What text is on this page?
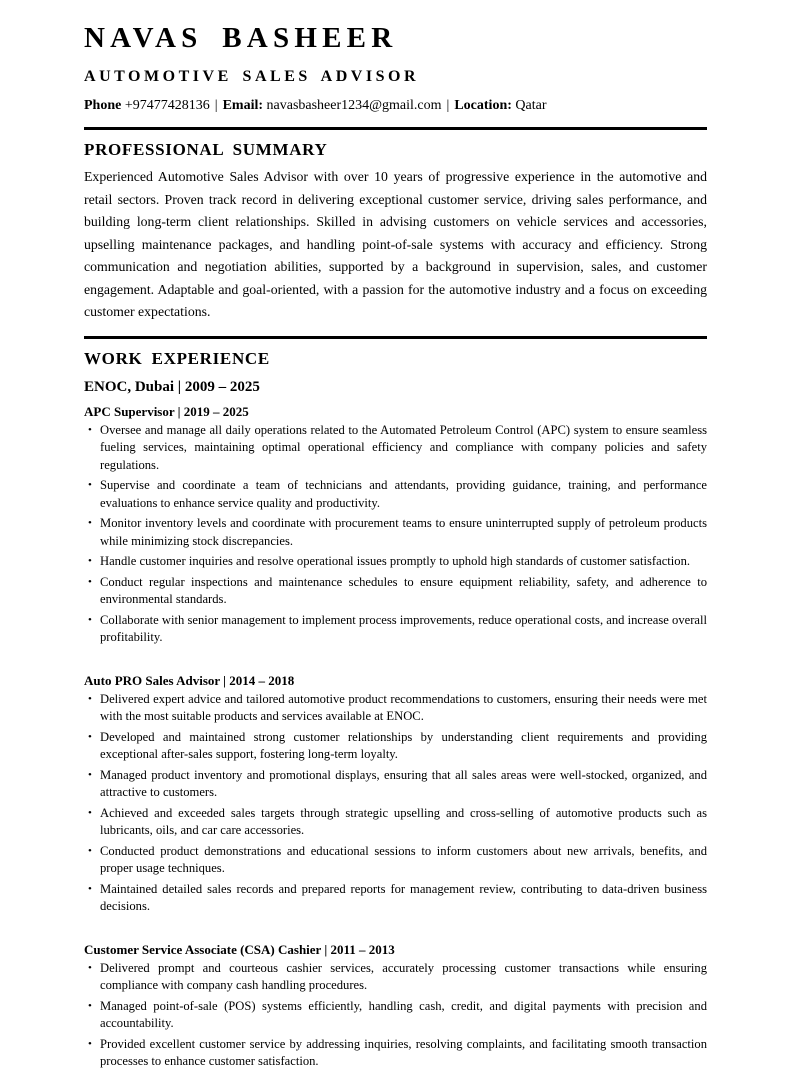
NAVAS BASHEER
AUTOMOTIVE SALES ADVISOR

Phone +97477428136 | Email: navasbasheer1234@gmail.com | Location: Qatar

PROFESSIONAL SUMMARY

Experienced Automotive Sales Advisor with over 10 years of progressive experience in the automotive and retail sectors. Proven track record in delivering exceptional customer service, driving sales performance, and building long-term client relationships. Skilled in advising customers on vehicle services and accessories, upselling maintenance packages, and handling point-of-sale systems with accuracy and efficiency. Strong communication and negotiation abilities, supported by a background in supervision, sales, and customer engagement. Adaptable and goal-oriented, with a passion for the automotive industry and a focus on exceeding customer expectations.

WORK EXPERIENCE

ENOC, Dubai | 2009 – 2025

APC Supervisor | 2019 – 2025

• Oversee and manage all daily operations related to the Automated Petroleum Control (APC) system to ensure seamless fueling services, maintaining optimal operational efficiency and compliance with company policies and safety regulations.
• Supervise and coordinate a team of technicians and attendants, providing guidance, training, and performance evaluations to enhance service quality and productivity.
• Monitor inventory levels and coordinate with procurement teams to ensure uninterrupted supply of petroleum products while minimizing stock discrepancies.
• Handle customer inquiries and resolve operational issues promptly to uphold high standards of customer satisfaction.
• Conduct regular inspections and maintenance schedules to ensure equipment reliability, safety, and adherence to environmental standards.
• Collaborate with senior management to implement process improvements, reduce operational costs, and increase overall profitability.

Auto PRO Sales Advisor | 2014 – 2018

• Delivered expert advice and tailored automotive product recommendations to customers, ensuring their needs were met with the most suitable products and services available at ENOC.
• Developed and maintained strong customer relationships by understanding client requirements and providing exceptional after-sales support, fostering long-term loyalty.
• Managed product inventory and promotional displays, ensuring that all sales areas were well-stocked, organized, and attractive to customers.
• Achieved and exceeded sales targets through strategic upselling and cross-selling of automotive products such as lubricants, oils, and car care accessories.
• Conducted product demonstrations and educational sessions to inform customers about new arrivals, benefits, and proper usage techniques.
• Maintained detailed sales records and prepared reports for management review, contributing to data-driven business decisions.

Customer Service Associate (CSA) Cashier | 2011 – 2013

• Delivered prompt and courteous cashier services, accurately processing customer transactions while ensuring compliance with company cash handling procedures.
• Managed point-of-sale (POS) systems efficiently, handling cash, credit, and digital payments with precision and accountability.
• Provided excellent customer service by addressing inquiries, resolving complaints, and facilitating smooth transaction processes to enhance customer satisfaction.
